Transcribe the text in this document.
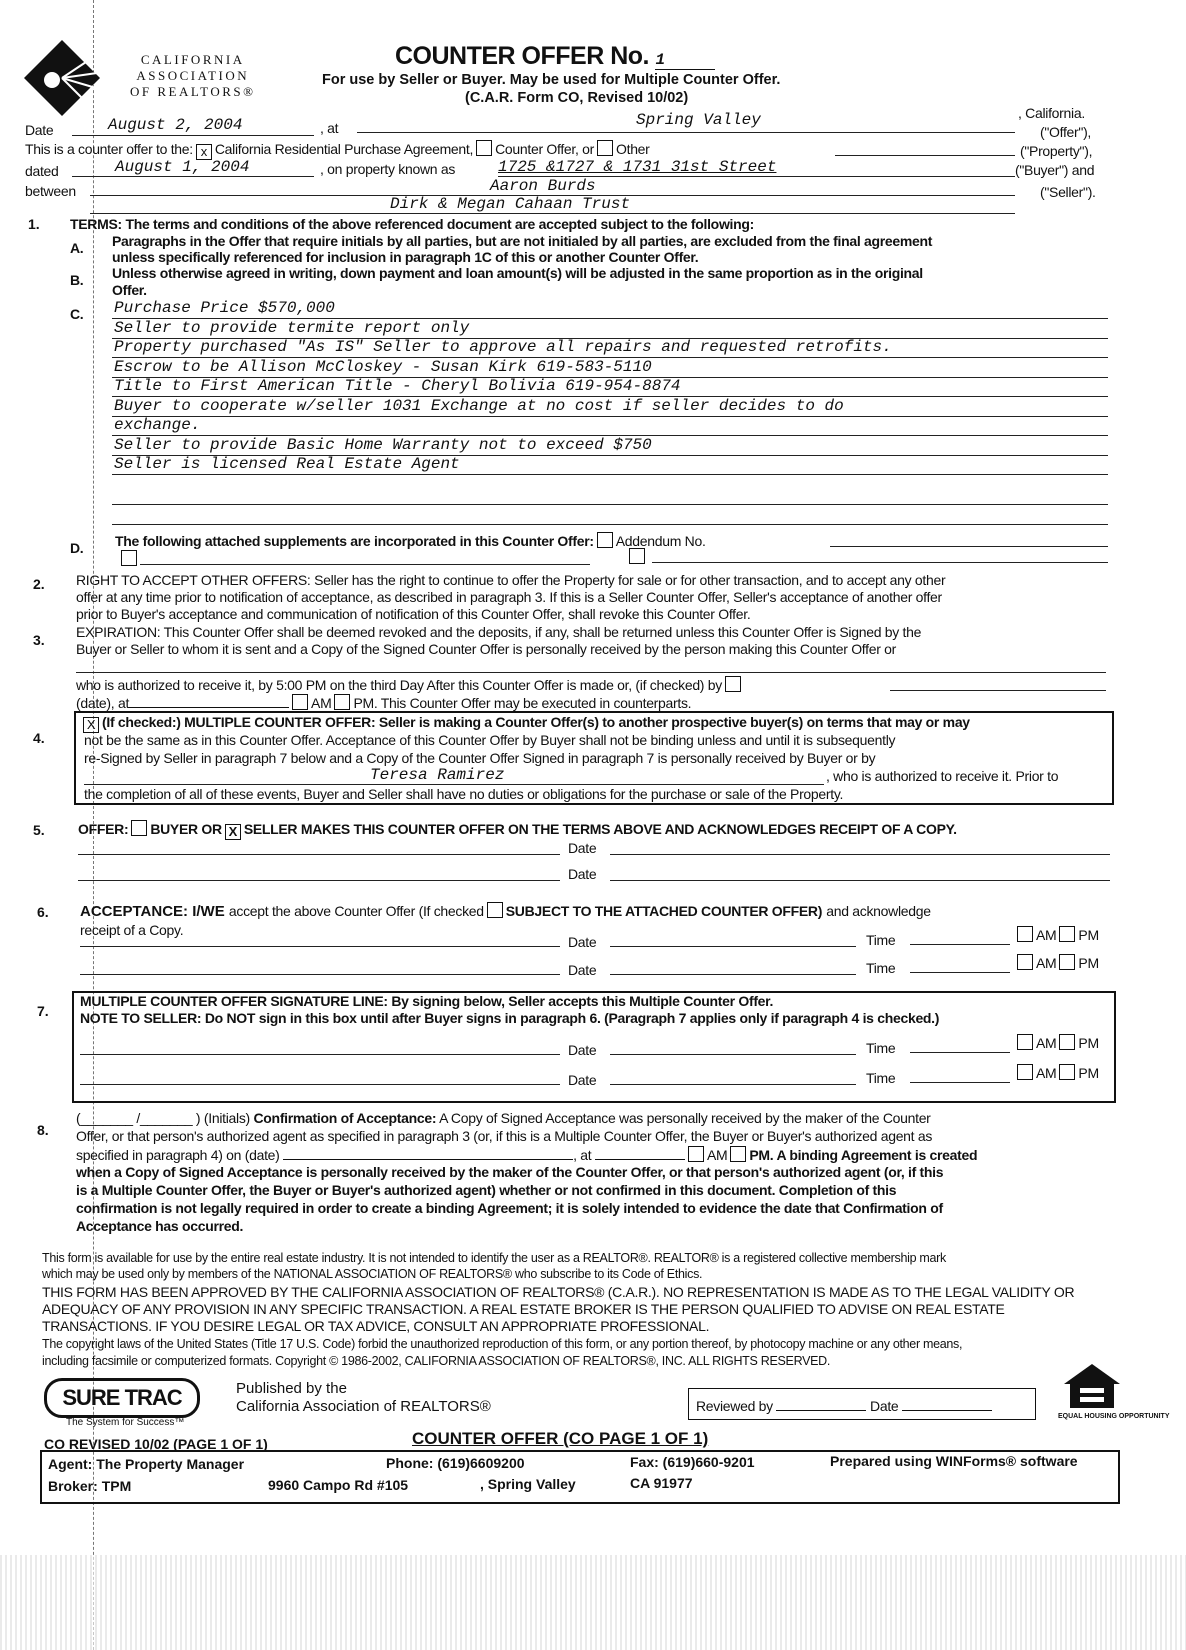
CALIFORNIA
ASSOCIATION
OF REALTORS®
COUNTER OFFER No. 1
For use by Seller or Buyer. May be used for Multiple Counter Offer.
(C.A.R. Form CO, Revised 10/02)
Date	August 2, 2004	, at	Spring Valley	, California.
("Offer"),
This is a counter offer to the: x California Residential Purchase Agreement, Counter Offer, or Other	("Property"),
dated	August 1, 2004	, on property known as	1725 &1727 & 1731 31st Street	("Buyer") and
between	Aaron Burds
Dirk & Megan Cahaan Trust
("Seller").
1. TERMS: The terms and conditions of the above referenced document are accepted subject to the following:
A. Paragraphs in the Offer that require initials by all parties, but are not initialed by all parties, are excluded from the final agreement
unless specifically referenced for inclusion in paragraph 1C of this or another Counter Offer.
B. Unless otherwise agreed in writing, down payment and loan amount(s) will be adjusted in the same proportion as in the original
Offer.
C.
D. The following attached supplements are incorporated in this Counter Offer: Addendum No.
2. RIGHT TO ACCEPT OTHER OFFERS: Seller has the right to continue to offer the Property for sale or for other transaction, and to accept any other
offer at any time prior to notification of acceptance, as described in paragraph 3. If this is a Seller Counter Offer, Seller's acceptance of another offer
prior to Buyer's acceptance and communication of notification of this Counter Offer, shall revoke this Counter Offer.
3. EXPIRATION: This Counter Offer shall be deemed revoked and the deposits, if any, shall be returned unless this Counter Offer is Signed by the
Buyer or Seller to whom it is sent and a Copy of the Signed Counter Offer is personally received by the person making this Counter Offer or
who is authorized to receive it, by 5:00 PM on the third Day After this Counter Offer is made or, (if checked) by
(date), at	AM PM. This Counter Offer may be executed in counterparts.
4.
X (If checked:) MULTIPLE COUNTER OFFER: Seller is making a Counter Offer(s) to another prospective buyer(s) on terms that may or may
not be the same as in this Counter Offer. Acceptance of this Counter Offer by Buyer shall not be binding unless and until it is subsequently
re-Signed by Seller in paragraph 7 below and a Copy of the Counter Offer Signed in paragraph 7 is personally received by Buyer or by
Teresa Ramirez	, who is authorized to receive it. Prior to
the completion of all of these events, Buyer and Seller shall have no duties or obligations for the purchase or sale of the Property.
5. OFFER: BUYER OR X SELLER MAKES THIS COUNTER OFFER ON THE TERMS ABOVE AND ACKNOWLEDGES RECEIPT OF A COPY.
Date
Date
6. ACCEPTANCE: I/WE accept the above Counter Offer (If checked SUBJECT TO THE ATTACHED COUNTER OFFER) and acknowledge
receipt of a Copy.
7.
MULTIPLE COUNTER OFFER SIGNATURE LINE: By signing below, Seller accepts this Multiple Counter Offer.
NOTE TO SELLER: Do NOT sign in this box until after Buyer signs in paragraph 6. (Paragraph 7 applies only if paragraph 4 is checked.)
8.
(_______ /_______ ) (Initials) Confirmation of Acceptance: A Copy of Signed Acceptance was personally received by the maker of the Counter
Offer, or that person's authorized agent as specified in paragraph 3 (or, if this is a Multiple Counter Offer, the Buyer or Buyer's authorized agent as
specified in paragraph 4) on (date)	, at	AM PM. A binding Agreement is created
when a Copy of Signed Acceptance is personally received by the maker of the Counter Offer, or that person's authorized agent (or, if this
is a Multiple Counter Offer, the Buyer or Buyer's authorized agent) whether or not confirmed in this document. Completion of this
confirmation is not legally required in order to create a binding Agreement; it is solely intended to evidence the date that Confirmation of
Acceptance has occurred.
SURE TRAC
The System for Success™
Published by the
California Association of REALTORS®	Reviewed by	Date
EQUAL HOUSING OPPORTUNITY
CO REVISED 10/02 (PAGE 1 OF 1)	COUNTER OFFER (CO PAGE 1 OF 1)
Agent: The Property Manager	Phone: (619)6609200	Fax: (619)660-9201	Prepared using WINForms® software
Broker: TPM	9960 Campo Rd #105	, Spring Valley	CA 91977
Purchase Price $570,000
Seller to provide termite report only
Property purchased "As IS" Seller to approve all repairs and requested retrofits.
Escrow to be Allison McCloskey - Susan Kirk 619-583-5110
Title to First American Title - Cheryl Bolivia 619-954-8874
Buyer to cooperate w/seller 1031 Exchange at no cost if seller decides to do
exchange.
Seller to provide Basic Home Warranty not to exceed $750
Seller is licensed Real Estate Agent
Date	Time	AM PM
Date	Time	AM PM
Date	Time	AM PM
Date	Time	AM PM
This form is available for use by the entire real estate industry. It is not intended to identify the user as a REALTOR®. REALTOR® is a registered collective membership mark
which may be used only by members of the NATIONAL ASSOCIATION OF REALTORS® who subscribe to its Code of Ethics.
THIS FORM HAS BEEN APPROVED BY THE CALIFORNIA ASSOCIATION OF REALTORS® (C.A.R.). NO REPRESENTATION IS MADE AS TO THE LEGAL VALIDITY OR
ADEQUACY OF ANY PROVISION IN ANY SPECIFIC TRANSACTION. A REAL ESTATE BROKER IS THE PERSON QUALIFIED TO ADVISE ON REAL ESTATE
TRANSACTIONS. IF YOU DESIRE LEGAL OR TAX ADVICE, CONSULT AN APPROPRIATE PROFESSIONAL.
The copyright laws of the United States (Title 17 U.S. Code) forbid the unauthorized reproduction of this form, or any portion thereof, by photocopy machine or any other means,
including facsimile or computerized formats. Copyright © 1986-2002, CALIFORNIA ASSOCIATION OF REALTORS®, INC. ALL RIGHTS RESERVED.
